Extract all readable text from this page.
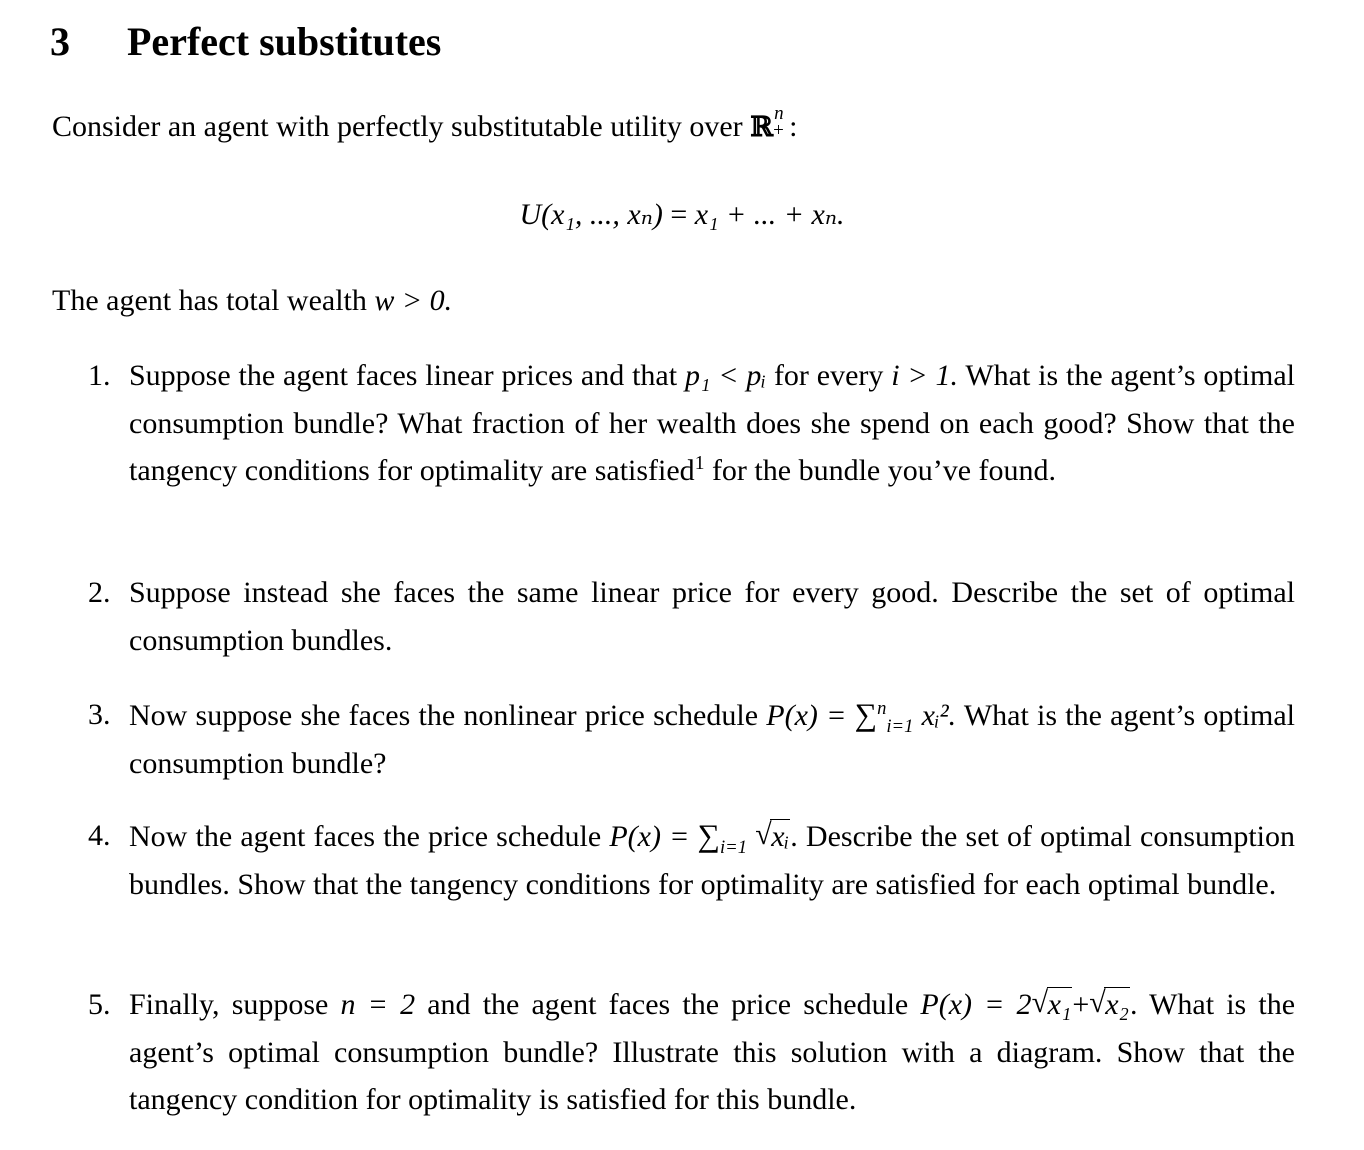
3 Perfect substitutes
Consider an agent with perfectly substitutable utility over ℝ n
+ :
U(x₁, ..., xₙ) = x₁ + ... + xₙ.
The agent has total wealth w > 0.
1. Suppose the agent faces linear prices and that p₁ < pᵢ for every i > 1. What is the agent’s optimal consumption bundle? What fraction of her wealth does she spend on each good? Show that the tangency conditions for optimality are satisfied$^1$ for the bundle you’ve found.
2. Suppose instead she faces the same linear price for every good. Describe the set of optimal consumption bundles.
3. Now suppose she faces the nonlinear price schedule P(x) = ∑$^n_{i=1}$ xᵢ². What is the agent’s optimal consumption bundle?
4. Now the agent faces the price schedule $P(x) = \sum_{i=1}$ √ xᵢ. Describe the set of optimal consumption bundles. Show that the tangency conditions for optimality are satisfied for each optimal bundle.
5. Finally, suppose n = 2 and the agent faces the price schedule P(x) = 2 √ x₁+ √ x₂. What is the agent’s optimal consumption bundle? Illustrate this solution with a diagram. Show that the tangency condition for optimality is satisfied for this bundle.
